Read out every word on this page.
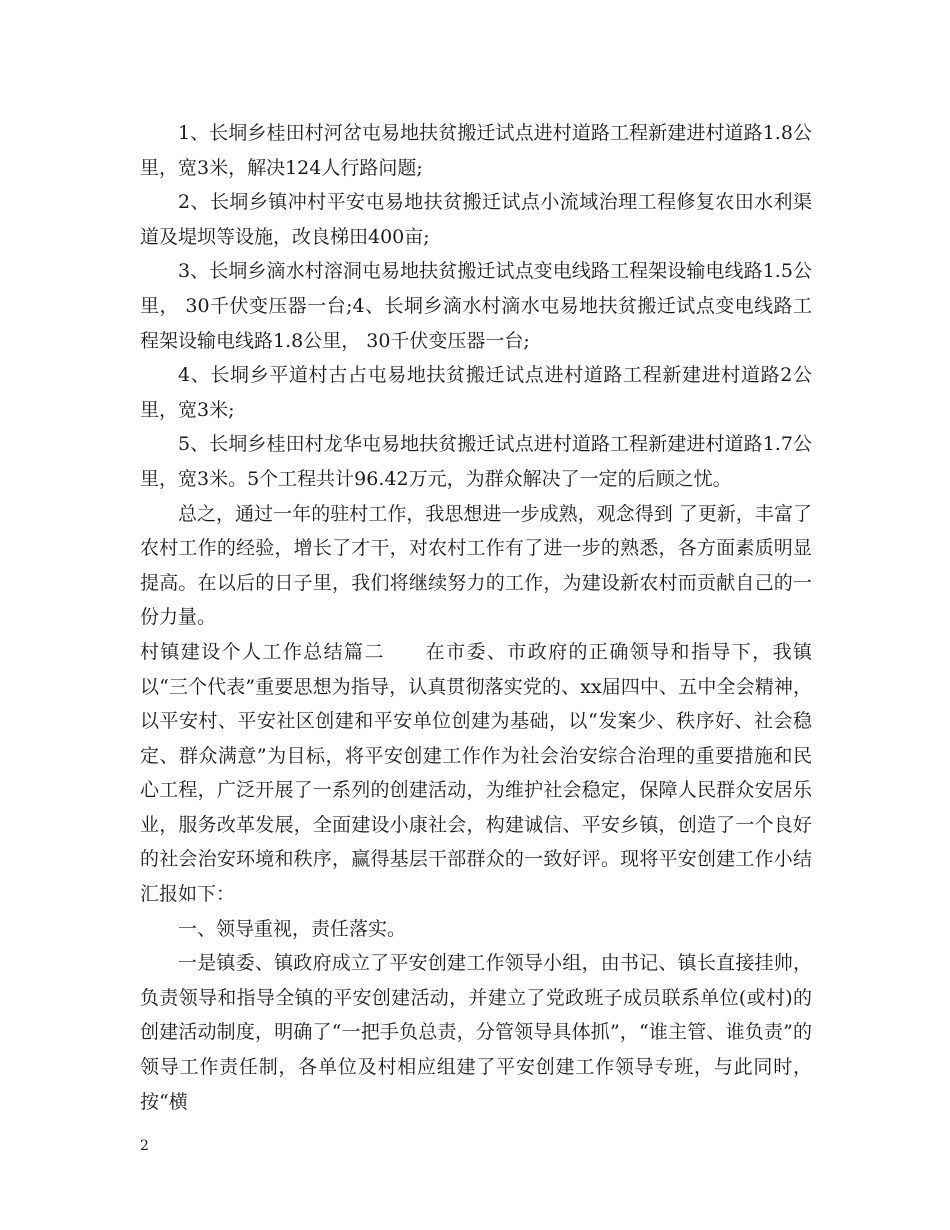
1、长垌乡桂田村河岔屯易地扶贫搬迁试点进村道路工程新建进村道路1.8公里，宽3米，解决124人行路问题;

2、长垌乡镇冲村平安屯易地扶贫搬迁试点小流域治理工程修复农田水利渠道及堤坝等设施，改良梯田400亩;

3、长垌乡滴水村溶洞屯易地扶贫搬迁试点变电线路工程架设输电线路1.5公里， 30千伏变压器一台;4、长垌乡滴水村滴水屯易地扶贫搬迁试点变电线路工程架设输电线路1.8公里， 30千伏变压器一台;

4、长垌乡平道村古占屯易地扶贫搬迁试点进村道路工程新建进村道路2公里，宽3米;

5、长垌乡桂田村龙华屯易地扶贫搬迁试点进村道路工程新建进村道路1.7公里，宽3米。5个工程共计96.42万元，为群众解决了一定的后顾之忧。

总之，通过一年的驻村工作，我思想进一步成熟，观念得到 了更新，丰富了农村工作的经验，增长了才干，对农村工作有了进一步的熟悉，各方面素质明显提高。在以后的日子里，我们将继续努力的工作，为建设新农村而贡献自己的一份力量。

村镇建设个人工作总结篇二　　在市委、市政府的正确领导和指导下，我镇以“三个代表”重要思想为指导，认真贯彻落实党的、xx届四中、五中全会精神，以平安村、平安社区创建和平安单位创建为基础，以“发案少、秩序好、社会稳定、群众满意”为目标，将平安创建工作作为社会治安综合治理的重要措施和民心工程，广泛开展了一系列的创建活动，为维护社会稳定，保障人民群众安居乐业，服务改革发展，全面建设小康社会，构建诚信、平安乡镇，创造了一个良好的社会治安环境和秩序，赢得基层干部群众的一致好评。现将平安创建工作小结汇报如下：

一、领导重视，责任落实。

一是镇委、镇政府成立了平安创建工作领导小组，由书记、镇长直接挂帅，负责领导和指导全镇的平安创建活动，并建立了党政班子成员联系单位(或村)的创建活动制度，明确了“一把手负总责，分管领导具体抓”，“谁主管、谁负责”的领导工作责任制，各单位及村相应组建了平安创建工作领导专班，与此同时，按“横

2
